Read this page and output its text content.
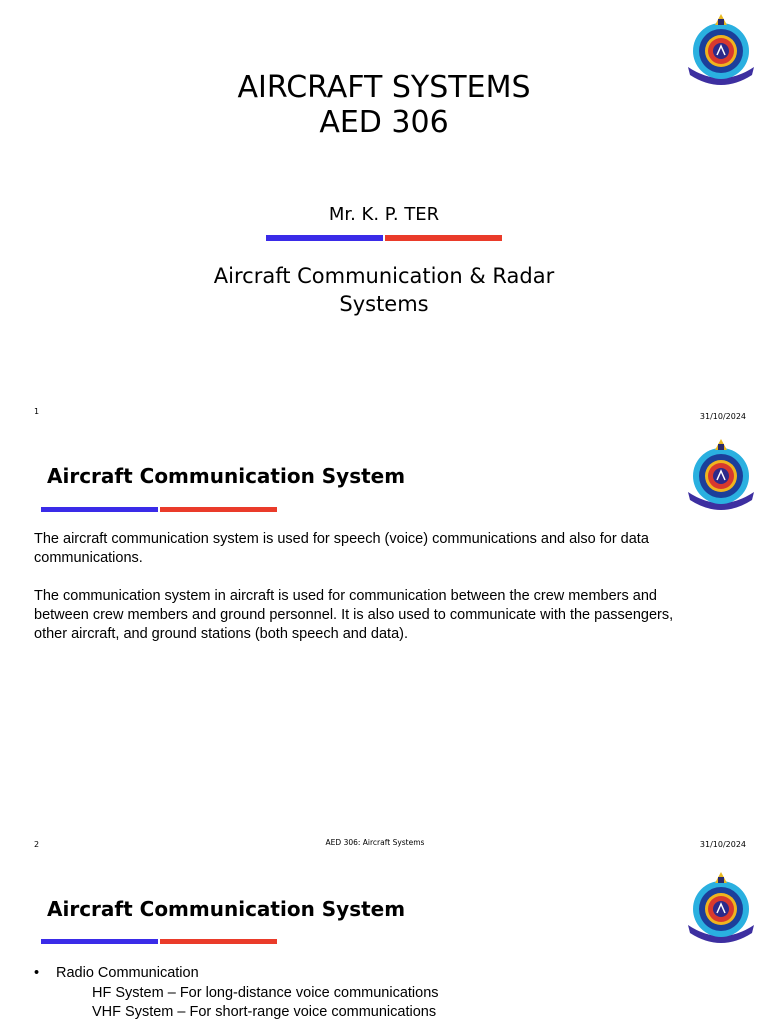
AIRCRAFT SYSTEMS
AED 306
Mr. K. P. TER
Aircraft Communication & Radar
Systems
1
31/10/2024
Aircraft Communication System

The aircraft communication system is used for speech (voice) communications and also for data communications.

The communication system in aircraft is used for communication between the crew members and between crew members and ground personnel. It is also used to communicate with the passengers, other aircraft, and ground stations (both speech and data).

2	AED 306: Aircraft Systems	31/10/2024
Aircraft Communication System
•	Radio Communication
HF System – For long-distance voice communications
VHF System – For short-range voice communications
